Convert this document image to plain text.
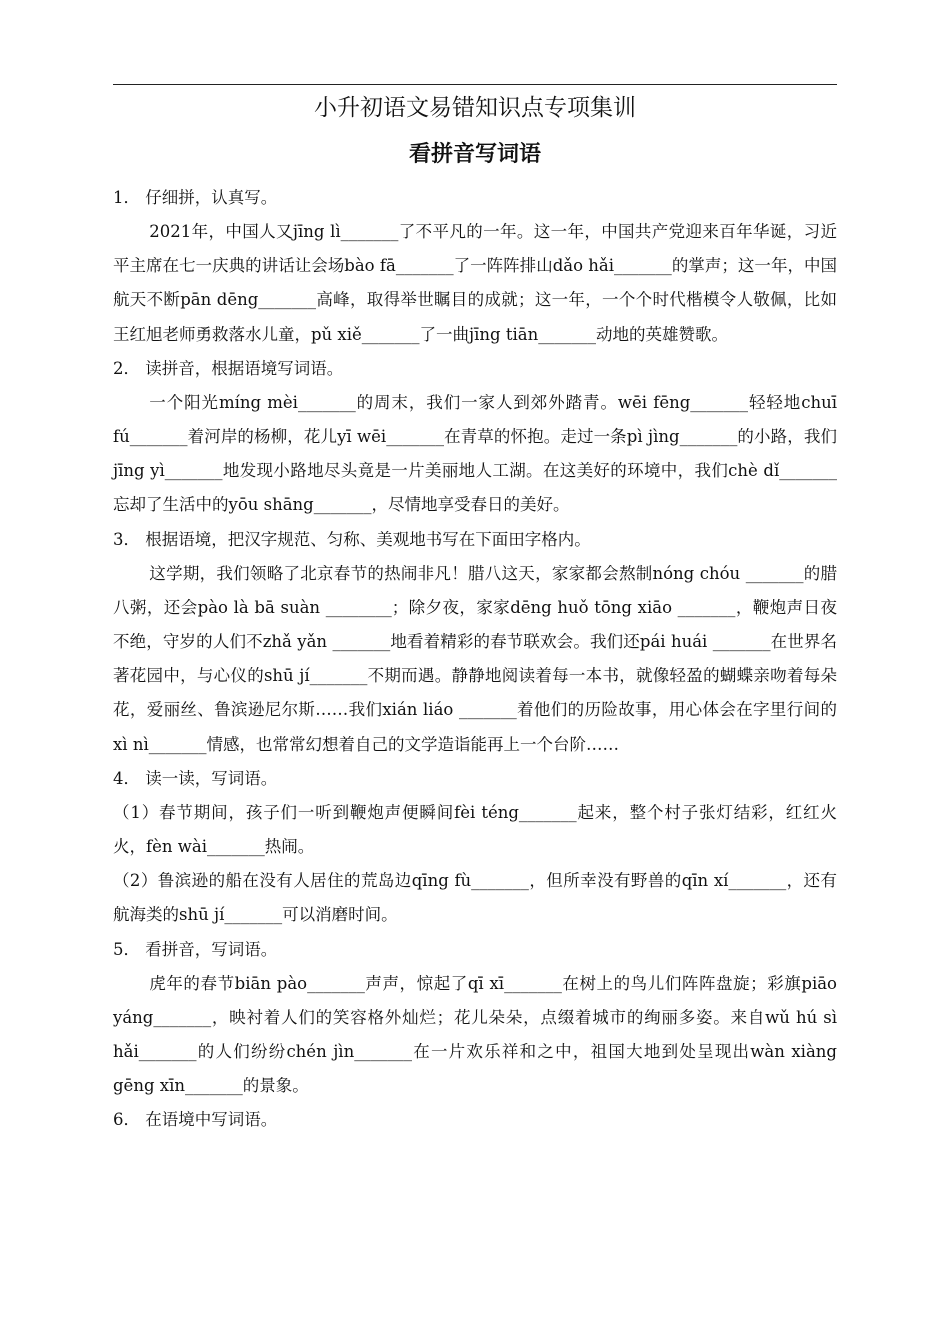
小升初语文易错知识点专项集训
看拼音写词语
1． 仔细拼，认真写。
2021年，中国人又jīng lì_______了不平凡的一年。这一年，中国共产党迎来百年华诞，习近平主席在七一庆典的讲话让会场bào fā_______了一阵阵排山dǎo hǎi_______的掌声；这一年，中国航天不断pān dēng_______高峰，取得举世瞩目的成就；这一年，一个个时代楷模令人敬佩，比如王红旭老师勇救落水儿童，pǔ xiě_______了一曲jīng tiān_______动地的英雄赞歌。
2． 读拼音，根据语境写词语。
一个阳光míng mèi_______的周末，我们一家人到郊外踏青。wēi fēng_______轻轻地chuī fú_______着河岸的杨柳，花儿yī wēi_______在青草的怀抱。走过一条pì jìng_______的小路，我们jīng yì_______地发现小路地尽头竟是一片美丽地人工湖。在这美好的环境中，我们chè dǐ_______忘却了生活中的yōu shāng_______，尽情地享受春日的美好。
3． 根据语境，把汉字规范、匀称、美观地书写在下面田字格内。
这学期，我们领略了北京春节的热闹非凡！腊八这天，家家都会熬制nóng chóu _______的腊八粥，还会pào là bā suàn ________；除夕夜，家家dēng huǒ tōng xiāo _______，鞭炮声日夜不绝，守岁的人们不zhǎ yǎn _______地看着精彩的春节联欢会。我们还pái huái _______在世界名著花园中，与心仪的shū jí_______不期而遇。静静地阅读着每一本书，就像轻盈的蝴蝶亲吻着每朵花，爱丽丝、鲁滨逊尼尔斯……我们xián liáo _______着他们的历险故事，用心体会在字里行间的xì nì_______情感，也常常幻想着自己的文学造诣能再上一个台阶……
4． 读一读，写词语。
（1）春节期间，孩子们一听到鞭炮声便瞬间fèi téng_______起来，整个村子张灯结彩，红红火火，fèn wài_______热闹。
（2）鲁滨逊的船在没有人居住的荒岛边qīng fù_______，但所幸没有野兽的qīn xí_______，还有航海类的shū jí_______可以消磨时间。
5． 看拼音，写词语。
虎年的春节biān pào_______声声，惊起了qī xī_______在树上的鸟儿们阵阵盘旋；彩旗piāo yáng_______，映衬着人们的笑容格外灿烂；花儿朵朵，点缀着城市的绚丽多姿。来自wǔ hú sì hǎi_______的人们纷纷chén jìn_______在一片欢乐祥和之中，祖国大地到处呈现出wàn xiàng gēng xīn_______的景象。
6． 在语境中写词语。
